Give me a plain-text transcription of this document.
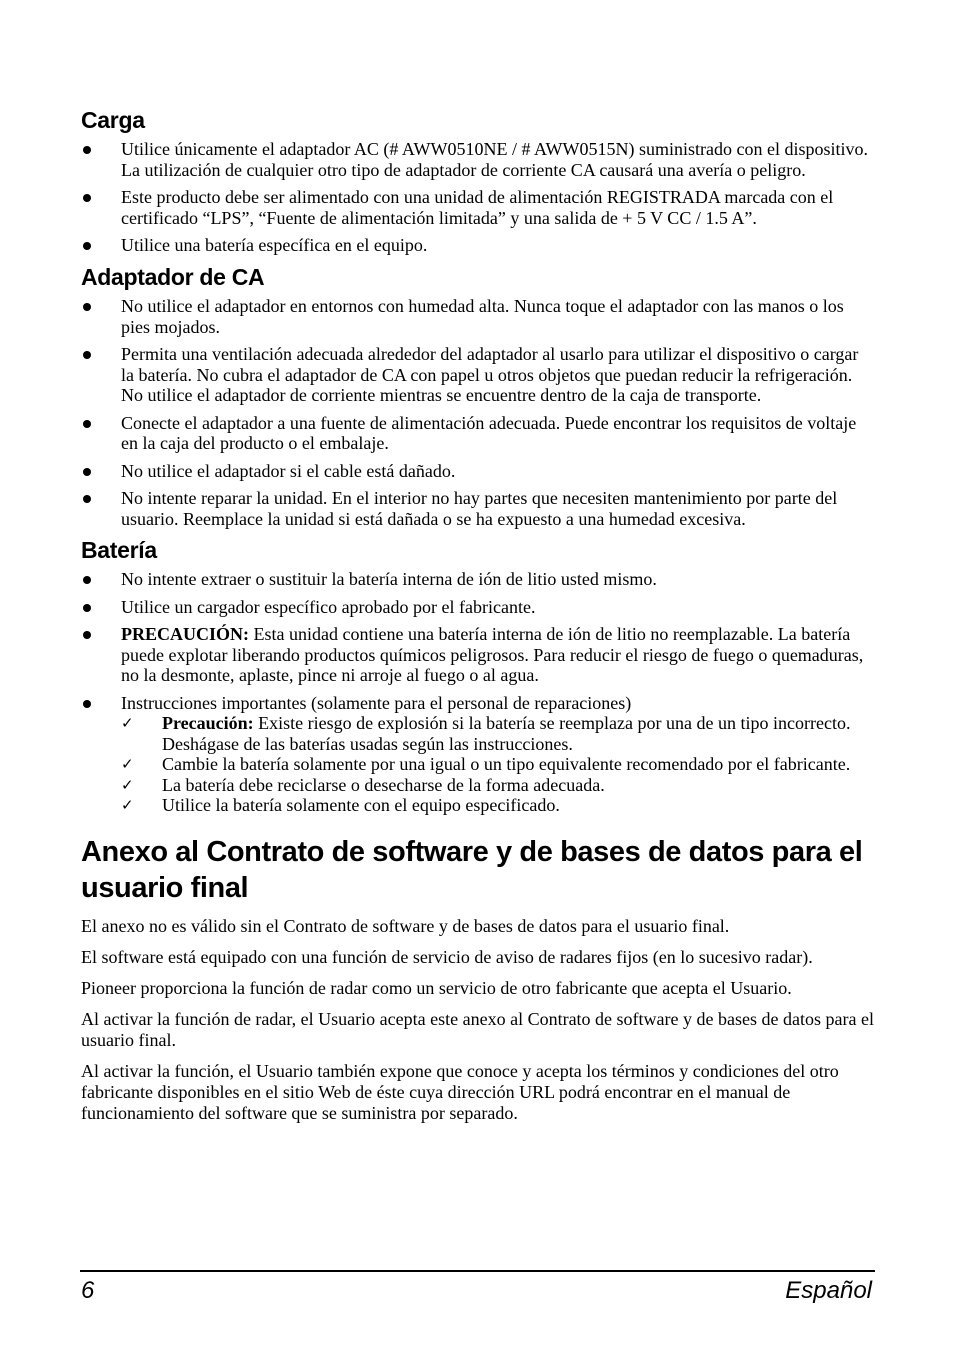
Carga
Utilice únicamente el adaptador AC (# AWW0510NE / # AWW0515N) suministrado con el dispositivo. La utilización de cualquier otro tipo de adaptador de corriente CA causará una avería o peligro.
Este producto debe ser alimentado con una unidad de alimentación REGISTRADA marcada con el certificado “LPS”, “Fuente de alimentación limitada” y una salida de + 5 V CC / 1.5 A”.
Utilice una batería específica en el equipo.
Adaptador de CA
No utilice el adaptador en entornos con humedad alta. Nunca toque el adaptador con las manos o los pies mojados.
Permita una ventilación adecuada alrededor del adaptador al usarlo para utilizar el dispositivo o cargar la batería. No cubra el adaptador de CA con papel u otros objetos que puedan reducir la refrigeración. No utilice el adaptador de corriente mientras se encuentre dentro de la caja de transporte.
Conecte el adaptador a una fuente de alimentación adecuada. Puede encontrar los requisitos de voltaje en la caja del producto o el embalaje.
No utilice el adaptador si el cable está dañado.
No intente reparar la unidad. En el interior no hay partes que necesiten mantenimiento por parte del usuario. Reemplace la unidad si está dañada o se ha expuesto a una humedad excesiva.
Batería
No intente extraer o sustituir la batería interna de ión de litio usted mismo.
Utilice un cargador específico aprobado por el fabricante.
PRECAUCIÓN: Esta unidad contiene una batería interna de ión de litio no reemplazable. La batería puede explotar liberando productos químicos peligrosos. Para reducir el riesgo de fuego o quemaduras, no la desmonte, aplaste, pince ni arroje al fuego o al agua.
Instrucciones importantes (solamente para el personal de reparaciones)
✓ Precaución: Existe riesgo de explosión si la batería se reemplaza por una de un tipo incorrecto. Deshágase de las baterías usadas según las instrucciones.
✓ Cambie la batería solamente por una igual o un tipo equivalente recomendado por el fabricante.
✓ La batería debe reciclarse o desecharse de la forma adecuada.
✓ Utilice la batería solamente con el equipo especificado.
Anexo al Contrato de software y de bases de datos para el usuario final

El anexo no es válido sin el Contrato de software y de bases de datos para el usuario final.

El software está equipado con una función de servicio de aviso de radares fijos (en lo sucesivo radar).

Pioneer proporciona la función de radar como un servicio de otro fabricante que acepta el Usuario.

Al activar la función de radar, el Usuario acepta este anexo al Contrato de software y de bases de datos para el usuario final.

Al activar la función, el Usuario también expone que conoce y acepta los términos y condiciones del otro fabricante disponibles en el sitio Web de éste cuya dirección URL podrá encontrar en el manual de funcionamiento del software que se suministra por separado.

6	Español
